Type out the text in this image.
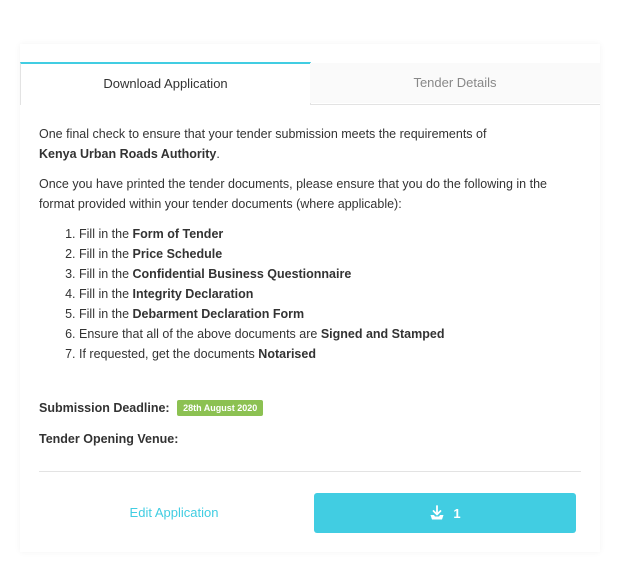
Download Application	Tender Details

One final check to ensure that your tender submission meets the requirements of
Kenya Urban Roads Authority.

Once you have printed the tender documents, please ensure that you do the following in the format provided within your tender documents (where applicable):

1. Fill in the Form of Tender
2. Fill in the Price Schedule
3. Fill in the Confidential Business Questionnaire
4. Fill in the Integrity Declaration
5. Fill in the Debarment Declaration Form
6. Ensure that all of the above documents are Signed and Stamped
7. If requested, get the documents Notarised
Submission Deadline: 28th August 2020
Tender Opening Venue:
Edit Application	1
